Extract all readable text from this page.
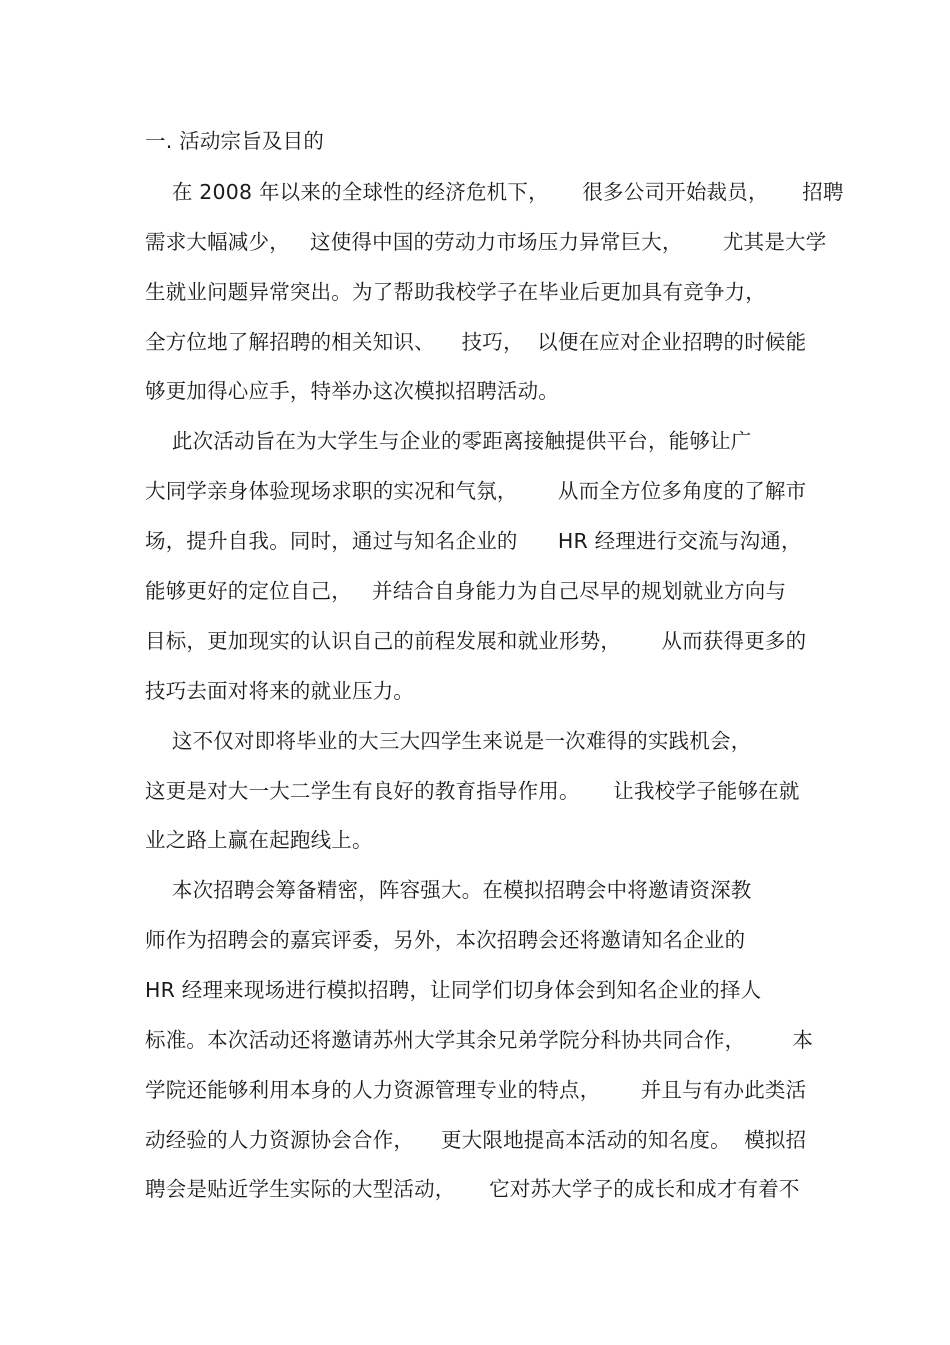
一. 活动宗旨及目的
在 2008 年以来的全球性的经济危机下，     很多公司开始裁员，     招聘
需求大幅减少，   这使得中国的劳动力市场压力异常巨大，      尤其是大学
生就业问题异常突出。为了帮助我校学子在毕业后更加具有竞争力，
全方位地了解招聘的相关知识、    技巧，  以便在应对企业招聘的时候能
够更加得心应手，特举办这次模拟招聘活动。
此次活动旨在为大学生与企业的零距离接触提供平台，能够让广
大同学亲身体验现场求职的实况和气氛，      从而全方位多角度的了解市
场，提升自我。同时，通过与知名企业的      HR 经理进行交流与沟通，
能够更好的定位自己，   并结合自身能力为自己尽早的规划就业方向与
目标，更加现实的认识自己的前程发展和就业形势，      从而获得更多的
技巧去面对将来的就业压力。
这不仅对即将毕业的大三大四学生来说是一次难得的实践机会，
这更是对大一大二学生有良好的教育指导作用。     让我校学子能够在就
业之路上赢在起跑线上。
本次招聘会筹备精密，阵容强大。在模拟招聘会中将邀请资深教
师作为招聘会的嘉宾评委，另外，本次招聘会还将邀请知名企业的
HR 经理来现场进行模拟招聘，让同学们切身体会到知名企业的择人
标准。本次活动还将邀请苏州大学其余兄弟学院分科协共同合作，       本
学院还能够利用本身的人力资源管理专业的特点，      并且与有办此类活
动经验的人力资源协会合作，    更大限地提高本活动的知名度。  模拟招
聘会是贴近学生实际的大型活动，     它对苏大学子的成长和成才有着不
